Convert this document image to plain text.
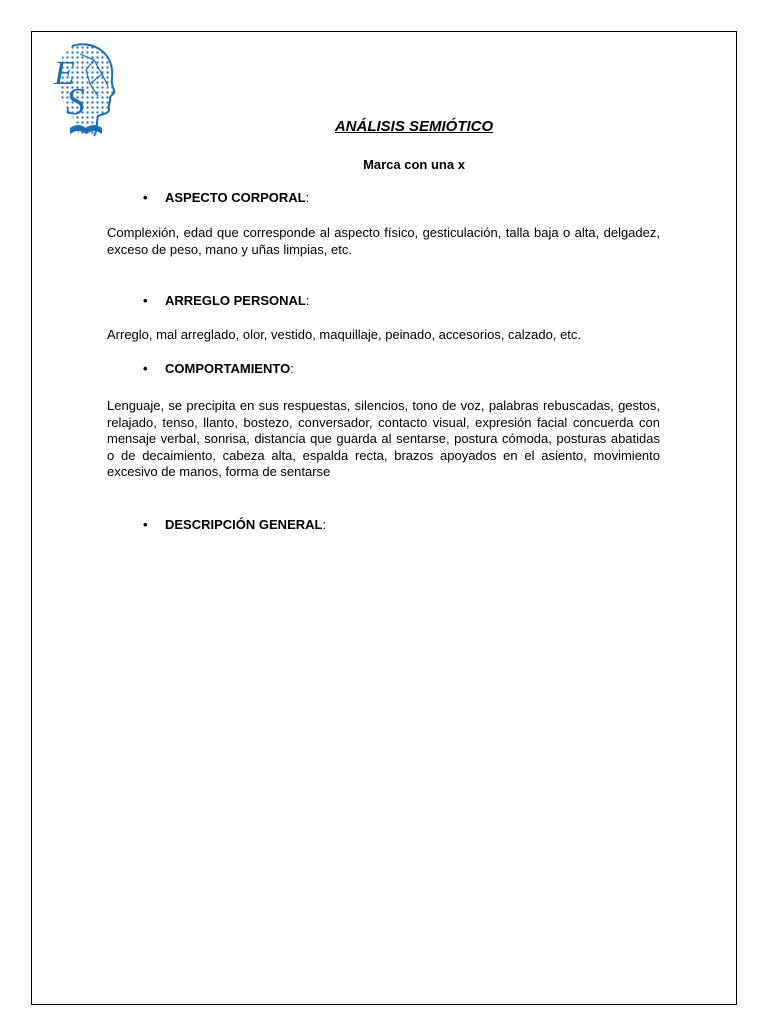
E
S
ANÁLISIS SEMIÓTICO
Marca con una x
• ASPECTO CORPORAL:
Complexión, edad que corresponde al aspecto físico, gesticulación, talla baja o alta, delgadez, exceso de peso, mano y uñas limpias, etc.
• ARREGLO PERSONAL:
Arreglo, mal arreglado, olor, vestido, maquillaje, peinado, accesorios, calzado, etc.
• COMPORTAMIENTO:
Lenguaje, se precipita en sus respuestas, silencios, tono de voz, palabras rebuscadas, gestos, relajado, tenso, llanto, bostezo, conversador, contacto visual, expresión facial concuerda con mensaje verbal, sonrisa, distancia que guarda al sentarse, postura cómoda, posturas abatidas o de decaimiento, cabeza alta, espalda recta, brazos apoyados en el asiento, movimiento excesivo de manos, forma de sentarse
• DESCRIPCIÓN GENERAL:
